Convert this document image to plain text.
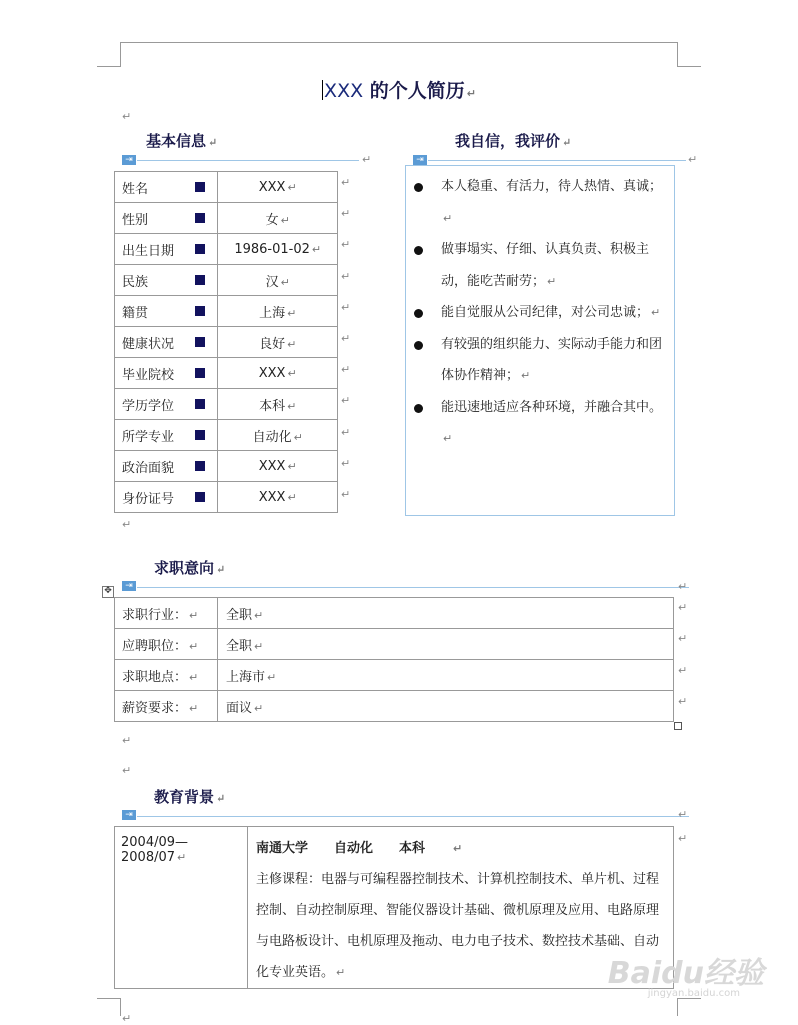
XXX 的个人简历 ↵
↵
基本信息 ↵
⇥	↵
姓名	XXX ↵
性别	女 ↵
出生日期	1986-01-02 ↵
民族	汉 ↵
籍贯	上海 ↵
健康状况	良好 ↵
毕业院校	XXX ↵
学历学位	本科 ↵
所学专业	自动化 ↵
政治面貌	XXX ↵
身份证号	XXX ↵
↵
我自信，我评价 ↵
⇥	↵
本人稳重、有活力，待人热情、真诚；↵
做事塌实、仔细、认真负责、积极主动，能吃苦耐劳； ↵
能自觉服从公司纪律，对公司忠诚； ↵
有较强的组织能力、实际动手能力和团体协作精神； ↵
能迅速地适应各种环境，并融合其中。↵
求职意向 ↵
✥	⇥	↵
求职行业： ↵	全职 ↵
应聘职位： ↵	全职 ↵
求职地点： ↵	上海市 ↵
薪资要求： ↵	面议 ↵
↵
↵
教育背景 ↵
⇥	↵
2004/09—2008/07 ↵	
南通大学 自动化 本科	↵
主修课程：电器与可编程器控制技术、计算机控制技术、单片机、过程控制、自动控制原理、智能仪器设计基础、微机原理及应用、电路原理与电路板设计、电机原理及拖动、电力电子技术、数控技术基础、自动化专业英语。 ↵
↵
↵
Baidu经验
jingyan.baidu.com
↵
↵
↵
↵
↵
↵
↵
↵
↵
↵
↵
↵
↵
↵
↵
